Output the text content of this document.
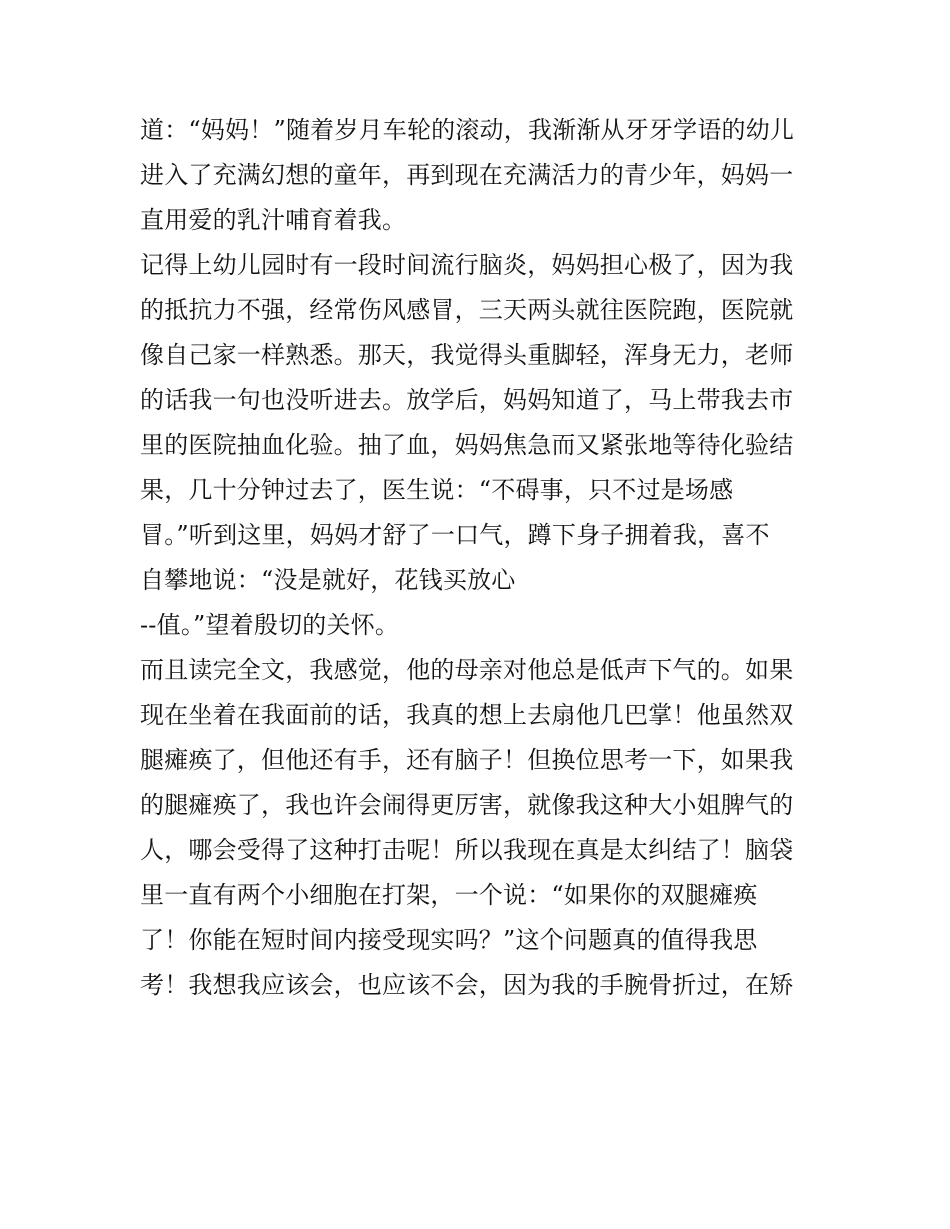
道：“妈妈！”随着岁月车轮的滚动，我渐渐从牙牙学语的幼儿
进入了充满幻想的童年，再到现在充满活力的青少年，妈妈一
直用爱的乳汁哺育着我。
记得上幼儿园时有一段时间流行脑炎，妈妈担心极了，因为我
的抵抗力不强，经常伤风感冒，三天两头就往医院跑，医院就
像自己家一样熟悉。那天，我觉得头重脚轻，浑身无力，老师
的话我一句也没听进去。放学后，妈妈知道了，马上带我去市
里的医院抽血化验。抽了血，妈妈焦急而又紧张地等待化验结
果，几十分钟过去了，医生说：“不碍事，只不过是场感
冒。”听到这里，妈妈才舒了一口气，蹲下身子拥着我，喜不
自攀地说：“没是就好，花钱买放心
--值。”望着殷切的关怀。
而且读完全文，我感觉，他的母亲对他总是低声下气的。如果
现在坐着在我面前的话，我真的想上去扇他几巴掌！他虽然双
腿瘫痪了，但他还有手，还有脑子！但换位思考一下，如果我
的腿瘫痪了，我也许会闹得更厉害，就像我这种大小姐脾气的
人，哪会受得了这种打击呢！所以我现在真是太纠结了！脑袋
里一直有两个小细胞在打架，一个说：“如果你的双腿瘫痪
了！你能在短时间内接受现实吗？”这个问题真的值得我思
考！我想我应该会，也应该不会，因为我的手腕骨折过，在矫
